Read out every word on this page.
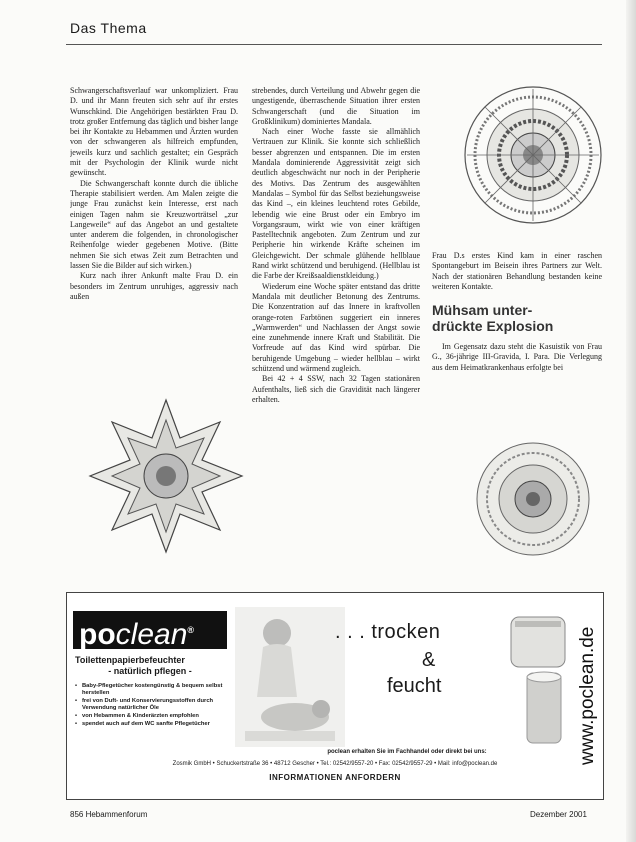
Das Thema

Schwangerschaftsverlauf war unkompliziert. Frau D. und ihr Mann freuten sich sehr auf ihr erstes Wunschkind. Die Angehörigen bestärkten Frau D. trotz großer Entfernung das täglich und bisher lange bei ihr Kontakte zu Hebammen und Ärzten wurden von der schwangeren als hilfreich empfunden, jeweils kurz und sachlich gestaltet; ein Gespräch mit der Psychologin der Klinik wurde nicht gewünscht.

Die Schwangerschaft konnte durch die übliche Therapie stabilisiert werden. Am Malen zeigte die junge Frau zunächst kein Interesse, erst nach einigen Tagen nahm sie Kreuzworträtsel „zur Langeweile“ auf das Angebot an und gestaltete unter anderem die folgenden, in chronologischer Reihenfolge wieder gegebenen Motive. (Bitte nehmen Sie sich etwas Zeit zum Betrachten und lassen Sie die Bilder auf sich wirken.)

Kurz nach ihrer Ankunft malte Frau D. ein besonders im Zentrum unruhiges, aggressiv nach außen

strebendes, durch Verteilung und Abwehr gegen die ungestigende, überraschende Situation ihrer ersten Schwangerschaft (und die Situation im Großklinikum) dominiertes Mandala.

Nach einer Woche fasste sie allmählich Vertrauen zur Klinik. Sie konnte sich schließlich besser abgrenzen und entspannen. Die im ersten Mandala dominierende Aggressivität zeigt sich deutlich abgeschwächt nur noch in der Peripherie des Motivs. Das Zentrum des ausgewählten Mandalas – Symbol für das Selbst beziehungsweise das Kind –, ein kleines leuchtend rotes Gebilde, lebendig wie eine Brust oder ein Embryo im Vorgangsraum, wirkt wie von einer kräftigen Pastelltechnik angeboten. Zum Zentrum und zur Peripherie hin wirkende Kräfte scheinen im Gleichgewicht. Der schmale glühende hellblaue Rand wirkt schützend und beruhigend. (Hellblau ist die Farbe der Kreißsaaldienstkleidung.)

Wiederum eine Woche später entstand das dritte Mandala mit deutlicher Betonung des Zentrums. Die Konzentration auf das Innere in kraftvollen orange-roten Farbtönen suggeriert ein inneres „Warmwerden“ und Nachlassen der Angst sowie eine zunehmende innere Kraft und Stabilität. Die Vorfreude auf das Kind wird spürbar. Die beruhigende Umgebung – wieder hellblau – wirkt schützend und wärmend zugleich.

Bei 42 + 4 SSW, nach 32 Tagen stationären Aufenthalts, ließ sich die Gravidität nach längerer erhalten.

Frau D.s erstes Kind kam in einer raschen Spontangeburt im Beisein ihres Partners zur Welt. Nach der stationären Behandlung bestanden keine weiteren Kontakte.

Mühsam unter-
drückte Explosion

Im Gegensatz dazu steht die Kasuistik von Frau G., 36-jährige III-Gravida, I. Para. Die Verlegung aus dem Heimatkrankenhaus erfolgte bei

poclean®
Toilettenpapierbefeuchter
- natürlich pflegen -
• Baby-Pflegetücher kostengünstig & bequem selbst herstellen
• frei von Duft- und Konservierungsstoffen durch Verwendung natürlicher Öle
• von Hebammen & Kinderärzten empfohlen
• spendet auch auf dem WC sanfte Pflegetücher
. . . trocken
&
feucht	www.poclean.de
poclean erhalten Sie im Fachhandel oder direkt bei uns:
Zosmik GmbH • Schuckertstraße 36 • 48712 Gescher • Tel.: 02542/9557-20 • Fax: 02542/9557-29 • Mail: info@poclean.de
INFORMATIONEN ANFORDERN
856 Hebammenforum	Dezember 2001
